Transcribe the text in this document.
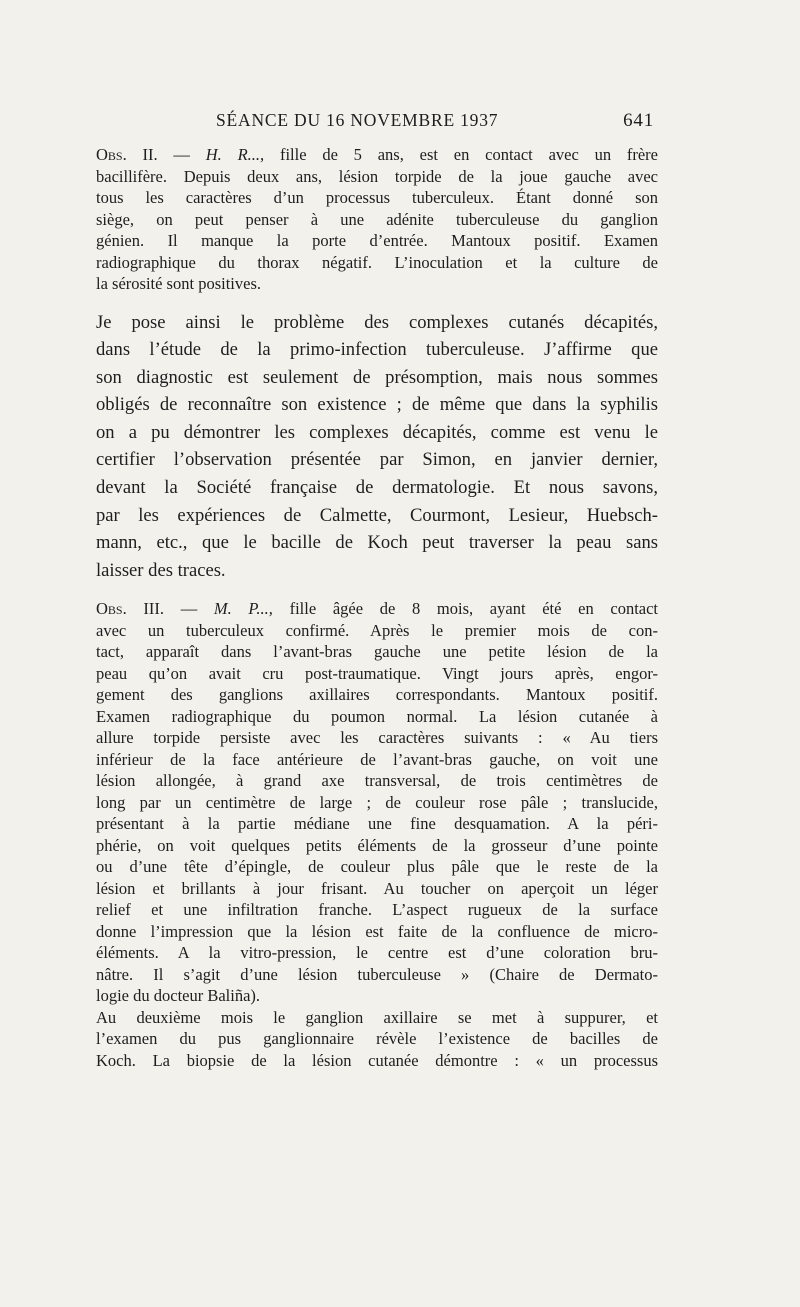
SÉANCE DU 16 NOVEMBRE 1937	641
Obs. II. — H. R..., fille de 5 ans, est en contact avec un frère
bacillifère. Depuis deux ans, lésion torpide de la joue gauche avec
tous les caractères d’un processus tuberculeux. Étant donné son
siège, on peut penser à une adénite tuberculeuse du ganglion
génien. Il manque la porte d’entrée. Mantoux positif. Examen
radiographique du thorax négatif. L’inoculation et la culture de
la sérosité sont positives.
Je pose ainsi le problème des complexes cutanés décapités,
dans l’étude de la primo-infection tuberculeuse. J’affirme que
son diagnostic est seulement de présomption, mais nous sommes
obligés de reconnaître son existence ; de même que dans la syphilis
on a pu démontrer les complexes décapités, comme est venu le
certifier l’observation présentée par Simon, en janvier dernier,
devant la Société française de dermatologie. Et nous savons,
par les expériences de Calmette, Courmont, Lesieur, Huebsch-
mann, etc., que le bacille de Koch peut traverser la peau sans
laisser des traces.
Obs. III. — M. P..., fille âgée de 8 mois, ayant été en contact
avec un tuberculeux confirmé. Après le premier mois de con-
tact, apparaît dans l’avant-bras gauche une petite lésion de la
peau qu’on avait cru post-traumatique. Vingt jours après, engor-
gement des ganglions axillaires correspondants. Mantoux positif.
Examen radiographique du poumon normal. La lésion cutanée à
allure torpide persiste avec les caractères suivants : « Au tiers
inférieur de la face antérieure de l’avant-bras gauche, on voit une
lésion allongée, à grand axe transversal, de trois centimètres de
long par un centimètre de large ; de couleur rose pâle ; translucide,
présentant à la partie médiane une fine desquamation. A la péri-
phérie, on voit quelques petits éléments de la grosseur d’une pointe
ou d’une tête d’épingle, de couleur plus pâle que le reste de la
lésion et brillants à jour frisant. Au toucher on aperçoit un léger
relief et une infiltration franche. L’aspect rugueux de la surface
donne l’impression que la lésion est faite de la confluence de micro-
éléments. A la vitro-pression, le centre est d’une coloration bru-
nâtre. Il s’agit d’une lésion tuberculeuse » (Chaire de Dermato-
logie du docteur Baliña).
Au deuxième mois le ganglion axillaire se met à suppurer, et
l’examen du pus ganglionnaire révèle l’existence de bacilles de
Koch. La biopsie de la lésion cutanée démontre : « un processus
